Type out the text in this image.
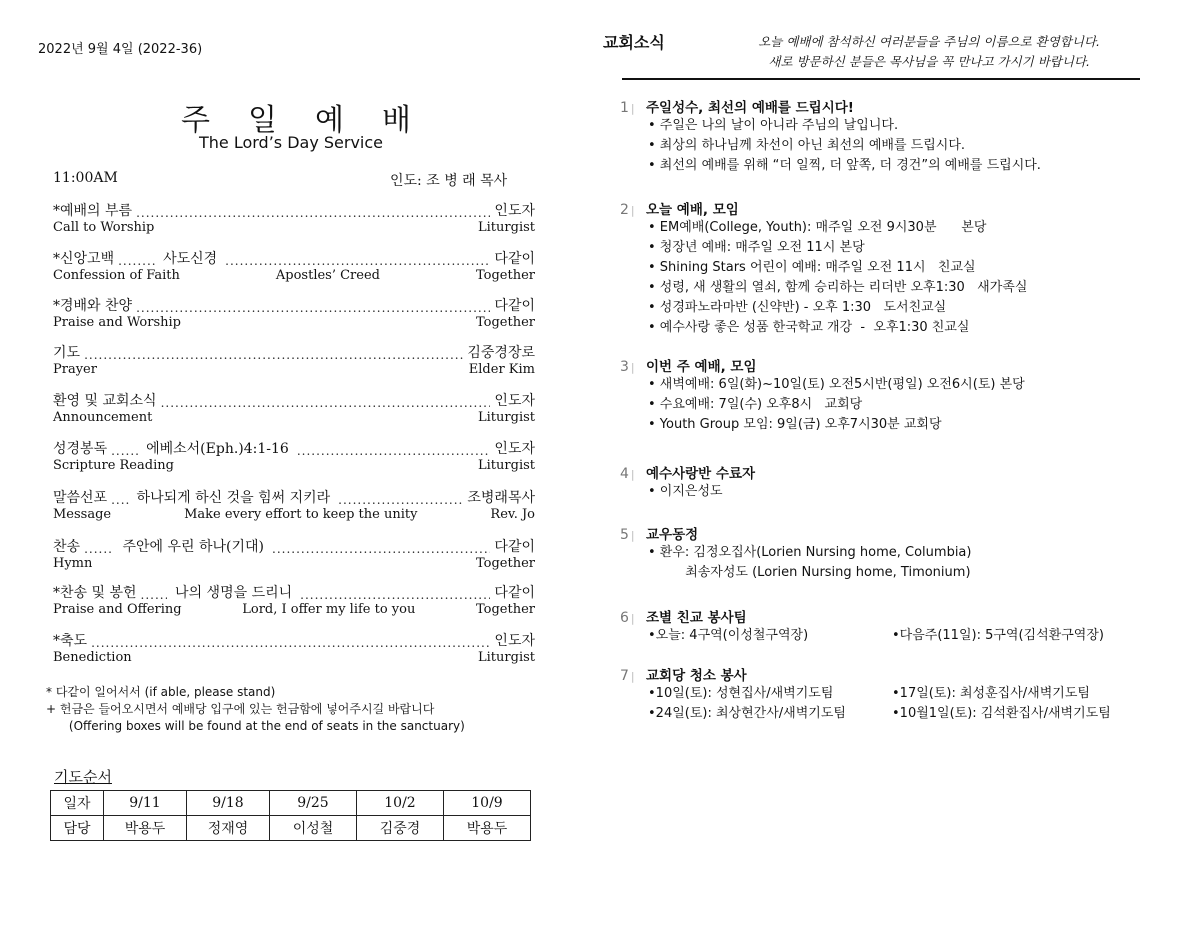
2022년 9월 4일 (2022-36)
주일예배
The Lord’s Day Service
11:00AM	인도: 조 병 래 목사
*예배의 부름 .....	인도자
Call to Worship	Liturgist
*신앙고백 .....	사도신경 .....	다같이
Confession of Faith	Apostles’ Creed	Together
*경배와 찬양 .....	다같이
Praise and Worship	Together
기도 .....	김중경장로
Prayer	Elder Kim
환영 및 교회소식 .....	인도자
Announcement	Liturgist
성경봉독 .....	에베소서(Eph.)4:1-16 .....	인도자
Scripture Reading	Liturgist
말씀선포 ..... 하나되게 하신 것을 힘써 지키라 .....	조병래목사
Message	Make every effort to keep the unity	Rev. Jo
찬송 .....	주안에 우린 하나(기대) .....	다같이
Hymn	Together
*찬송 및 봉헌 .....	나의 생명을 드리니 .....	다같이
Praise and Offering	Lord, I offer my life to you	Together
*축도 .....	인도자
Benediction	Liturgist
* 다같이 일어서서 (if able, please stand)
+ 헌금은 들어오시면서 예배당 입구에 있는 헌금함에 넣어주시길 바랍니다
(Offering boxes will be found at the end of seats in the sanctuary)
기도순서
일자	9/11	9/18	9/25	10/2	10/9
담당	박용두	정재영	이성철	김중경	박용두
교회소식	오늘 예배에 참석하신 여러분들을 주님의 이름으로 환영합니다.
새로 방문하신 분들은 목사님을 꼭 만나고 가시기 바랍니다.
1 |	주일성수, 최선의 예배를 드립시다!
• 주일은 나의 날이 아니라 주님의 날입니다.
• 최상의 하나님께 차선이 아닌 최선의 예배를 드립시다.
• 최선의 예배를 위해 “더 일찍, 더 앞쪽, 더 경건”의 예배를 드립시다.
2 |	오늘 예배, 모임
• EM예배(College, Youth): 매주일 오전 9시30분      본당
• 청장년 예배: 매주일 오전 11시 본당
• Shining Stars 어린이 예배: 매주일 오전 11시   친교실
• 성령, 새 생활의 열쇠, 함께 승리하는 리더반 오후1:30   새가족실
• 성경파노라마반 (신약반) - 오후 1:30   도서친교실
• 예수사랑 좋은 성품 한국학교 개강  -  오후1:30 친교실
3 |	이번 주 예배, 모임
• 새벽예배: 6일(화)~10일(토) 오전5시반(평일) 오전6시(토) 본당
• 수요예배: 7일(수) 오후8시   교회당
• Youth Group 모임: 9일(금) 오후7시30분 교회당
4 |	예수사랑반 수료자
• 이지은성도
5 |	교우동정
• 환우: 김정오집사(Lorien Nursing home, Columbia)
최송자성도 (Lorien Nursing home, Timonium)
6 |	조별 친교 봉사팀
•오늘: 4구역(이성철구역장)	•다음주(11일): 5구역(김석환구역장)
7 |	교회당 청소 봉사
•10일(토): 성현집사/새벽기도팀	•17일(토): 최성훈집사/새벽기도팀
•24일(토): 최상현간사/새벽기도팀	•10월1일(토): 김석환집사/새벽기도팀
